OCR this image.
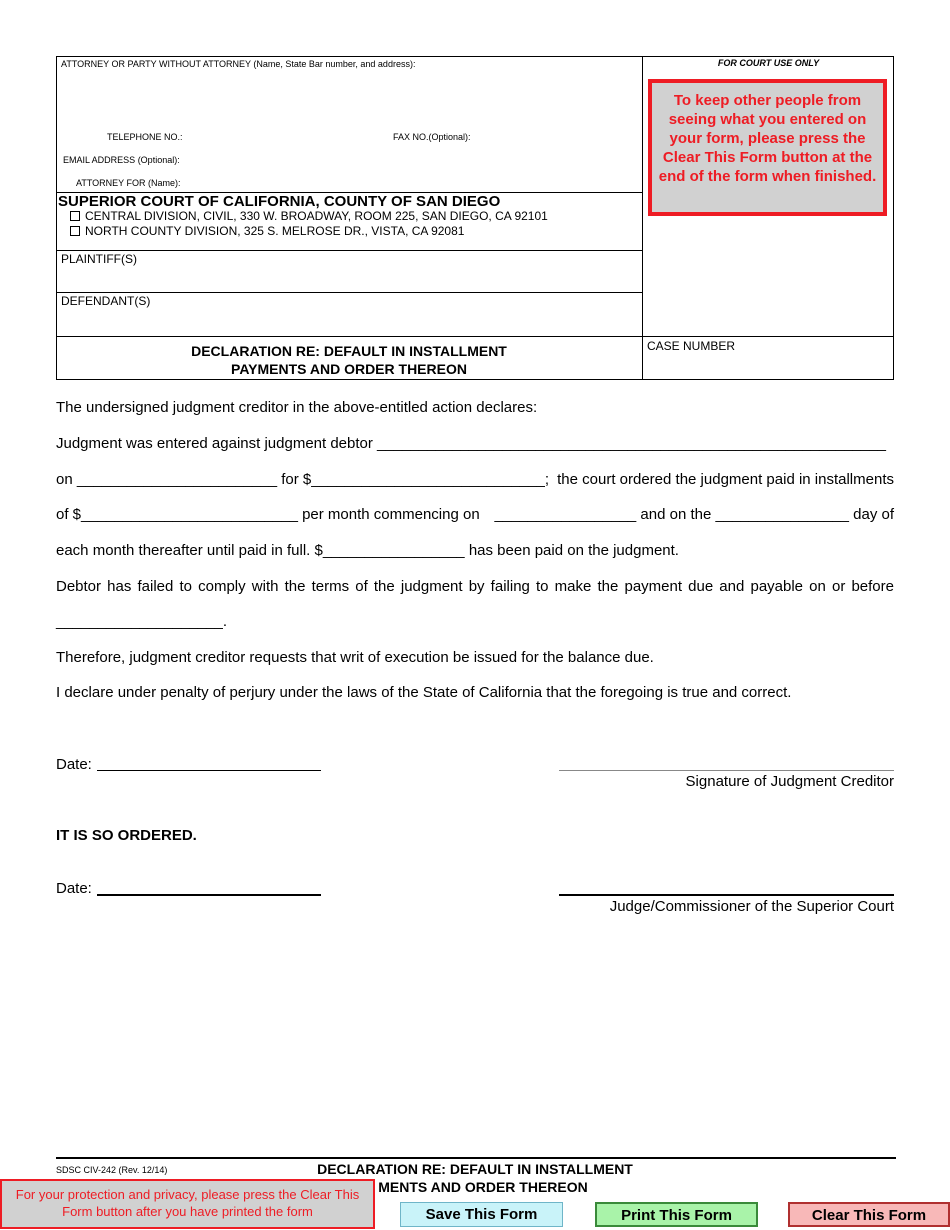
ATTORNEY OR PARTY WITHOUT ATTORNEY (Name, State Bar number, and address):
TELEPHONE NO.:	FAX NO.(Optional):
EMAIL ADDRESS (Optional):
ATTORNEY FOR (Name):
SUPERIOR COURT OF CALIFORNIA, COUNTY OF SAN DIEGO
CENTRAL DIVISION, CIVIL, 330 W. BROADWAY, ROOM 225, SAN DIEGO, CA 92101
NORTH COUNTY DIVISION, 325 S. MELROSE DR., VISTA, CA 92081
PLAINTIFF(S)
DEFENDANT(S)
DECLARATION RE: DEFAULT IN INSTALLMENT
PAYMENTS AND ORDER THEREON
FOR COURT USE ONLY
To keep other people from seeing what you entered on your form, please press the Clear This Form button at the end of the form when finished.
CASE NUMBER
The undersigned judgment creditor in the above-entitled action declares:
Judgment was entered against judgment debtor _____________________________________________________________
on ________________________ for $____________________________; the court ordered the judgment paid in installments
of $__________________________ per month commencing on _________________ and on the ________________ day of
each month thereafter until paid in full. $_________________ has been paid on the judgment.
Debtor has failed to comply with the terms of the judgment by failing to make the payment due and payable on or before
____________________.
Therefore, judgment creditor requests that writ of execution be issued for the balance due.
I declare under penalty of perjury under the laws of the State of California that the foregoing is true and correct.
Date:
Signature of Judgment Creditor
IT IS SO ORDERED.
Date:
Judge/Commissioner of the Superior Court
SDSC CIV-242 (Rev. 12/14)	DECLARATION RE: DEFAULT IN INSTALLMENT
MENTS AND ORDER THEREON
For your protection and privacy, please press the Clear This Form button after you have printed the form	Save This Form	Print This Form	Clear This Form
